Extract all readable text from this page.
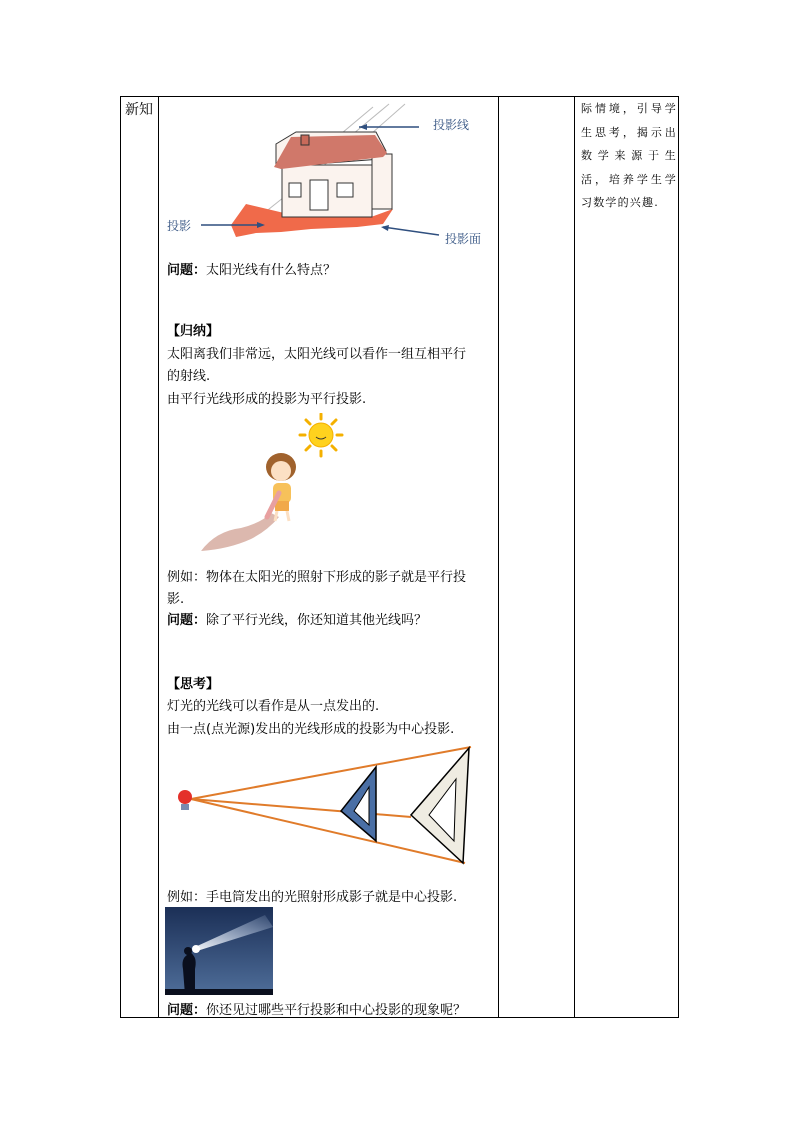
新知	际情境，引导学生思考，揭示出数学来源于生活，培养学生学习数学的兴趣.
投影线
投影
投影面
问题：太阳光线有什么特点？
【归纳】
太阳离我们非常远，太阳光线可以看作一组互相平行
的射线.
由平行光线形成的投影为平行投影.
例如：物体在太阳光的照射下形成的影子就是平行投
影.
问题：除了平行光线，你还知道其他光线吗？
【思考】
灯光的光线可以看作是从一点发出的.
由一点(点光源)发出的光线形成的投影为中心投影.
例如：手电筒发出的光照射形成影子就是中心投影.
问题：你还见过哪些平行投影和中心投影的现象呢？
